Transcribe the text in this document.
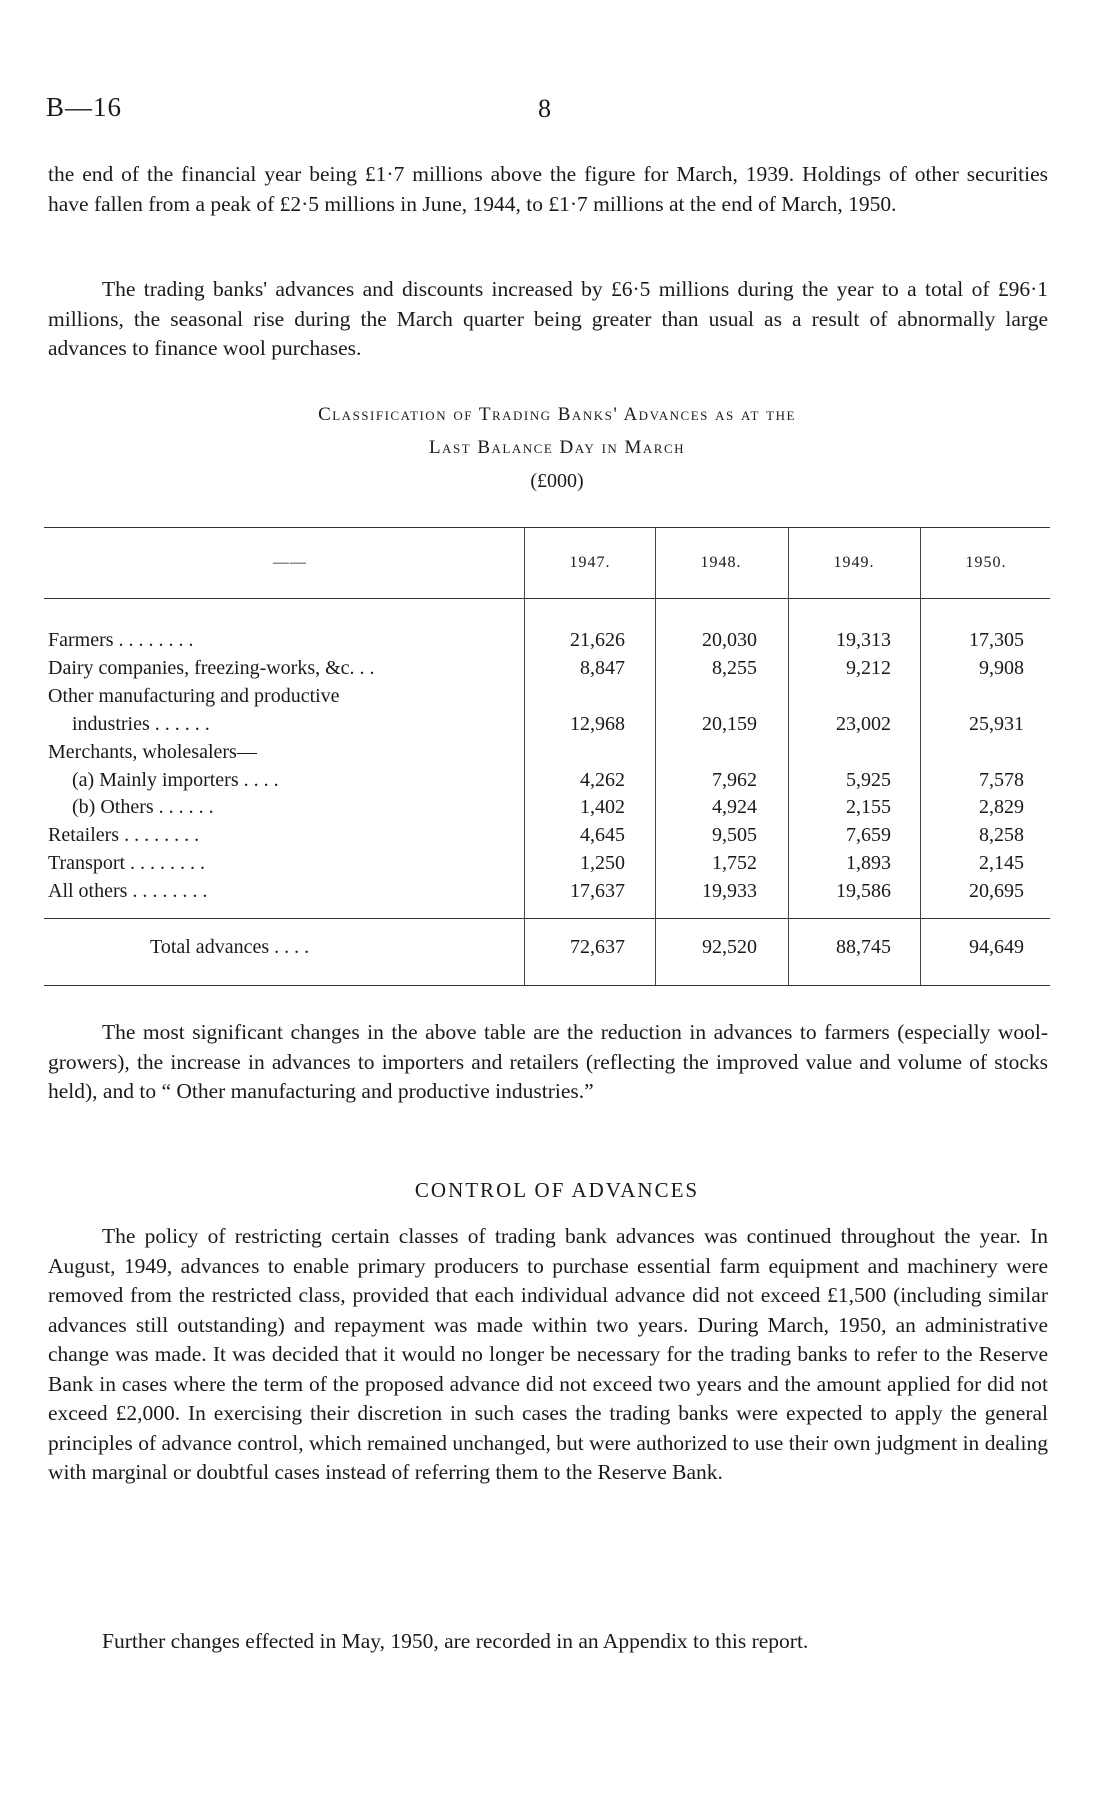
B—16	8

the end of the financial year being £1·7 millions above the figure for March, 1939. Holdings of other securities have fallen from a peak of £2·5 millions in June, 1944, to £1·7 millions at the end of March, 1950.

The trading banks' advances and discounts increased by £6·5 millions during the year to a total of £96·1 millions, the seasonal rise during the March quarter being greater than usual as a result of abnormally large advances to finance wool purchases.

Classification of Trading Banks' Advances as at the
Last Balance Day in March
(£000)
——	1947.	1948.	1949.	1950.
Farmers . . . . . . . .	21,626	20,030	19,313	17,305
Dairy companies, freezing-works, &c. . .	8,847	8,255	9,212	9,908
Other manufacturing and productive
industries . . . . . .	12,968	20,159	23,002	25,931
Merchants, wholesalers—
(a) Mainly importers . . . .	4,262	7,962	5,925	7,578
(b) Others . . . . . .	1,402	4,924	2,155	2,829
Retailers . . . . . . . .	4,645	9,505	7,659	8,258
Transport . . . . . . . .	1,250	1,752	1,893	2,145
All others . . . . . . . .	17,637	19,933	19,586	20,695
Total advances . . . .	72,637	92,520	88,745	94,649

The most significant changes in the above table are the reduction in advances to farmers (especially wool-growers), the increase in advances to importers and retailers (reflecting the improved value and volume of stocks held), and to “ Other manufacturing and productive industries.”

CONTROL OF ADVANCES

The policy of restricting certain classes of trading bank advances was continued throughout the year. In August, 1949, advances to enable primary producers to purchase essential farm equipment and machinery were removed from the restricted class, provided that each individual advance did not exceed £1,500 (including similar advances still outstanding) and repayment was made within two years. During March, 1950, an administrative change was made. It was decided that it would no longer be necessary for the trading banks to refer to the Reserve Bank in cases where the term of the proposed advance did not exceed two years and the amount applied for did not exceed £2,000. In exercising their discretion in such cases the trading banks were expected to apply the general principles of advance control, which remained unchanged, but were authorized to use their own judgment in dealing with marginal or doubtful cases instead of referring them to the Reserve Bank.

Further changes effected in May, 1950, are recorded in an Appendix to this report.
